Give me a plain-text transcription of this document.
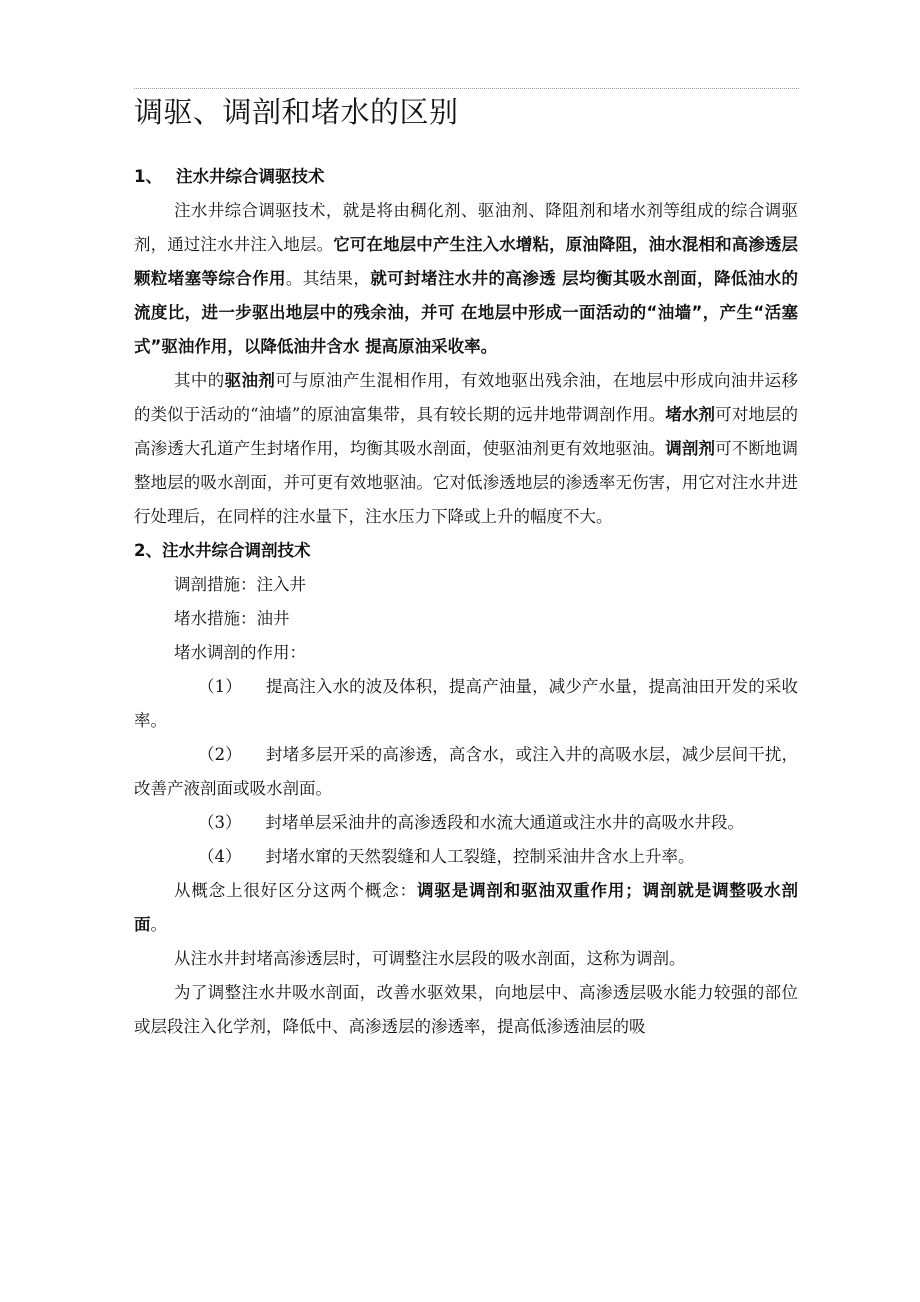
调驱、调剖和堵水的区别

1、 注水井综合调驱技术

注水井综合调驱技术，就是将由稠化剂、驱油剂、降阻剂和堵水剂等组成的综合调驱剂，通过注水井注入地层。它可在地层中产生注入水增粘，原油降阻，油水混相和高渗透层颗粒堵塞等综合作用。其结果，就可封堵注水井的高渗透 层均衡其吸水剖面，降低油水的流度比，进一步驱出地层中的残余油，并可 在地层中形成一面活动的“油墙”，产生“活塞式”驱油作用，以降低油井含水 提高原油采收率。

其中的驱油剂可与原油产生混相作用，有效地驱出残余油，在地层中形成向油井运移的类似于活动的“油墙”的原油富集带，具有较长期的远井地带调剖作用。堵水剂可对地层的高渗透大孔道产生封堵作用，均衡其吸水剖面，使驱油剂更有效地驱油。调剖剂可不断地调整地层的吸水剖面，并可更有效地驱油。它对低渗透地层的渗透率无伤害，用它对注水井进行处理后，在同样的注水量下，注水压力下降或上升的幅度不大。

2、注水井综合调剖技术

调剖措施：注入井

堵水措施：油井

堵水调剖的作用：

（1） 提高注入水的波及体积，提高产油量，减少产水量，提高油田开发的采收率。

（2） 封堵多层开采的高渗透，高含水，或注入井的高吸水层，减少层间干扰，改善产液剖面或吸水剖面。

（3） 封堵单层采油井的高渗透段和水流大通道或注水井的高吸水井段。

（4） 封堵水窜的天然裂缝和人工裂缝，控制采油井含水上升率。

从概念上很好区分这两个概念：调驱是调剖和驱油双重作用；调剖就是调整吸水剖面。

从注水井封堵高渗透层时，可调整注水层段的吸水剖面，这称为调剖。

为了调整注水井吸水剖面，改善水驱效果，向地层中、高渗透层吸水能力较强的部位或层段注入化学剂，降低中、高渗透层的渗透率，提高低渗透油层的吸
